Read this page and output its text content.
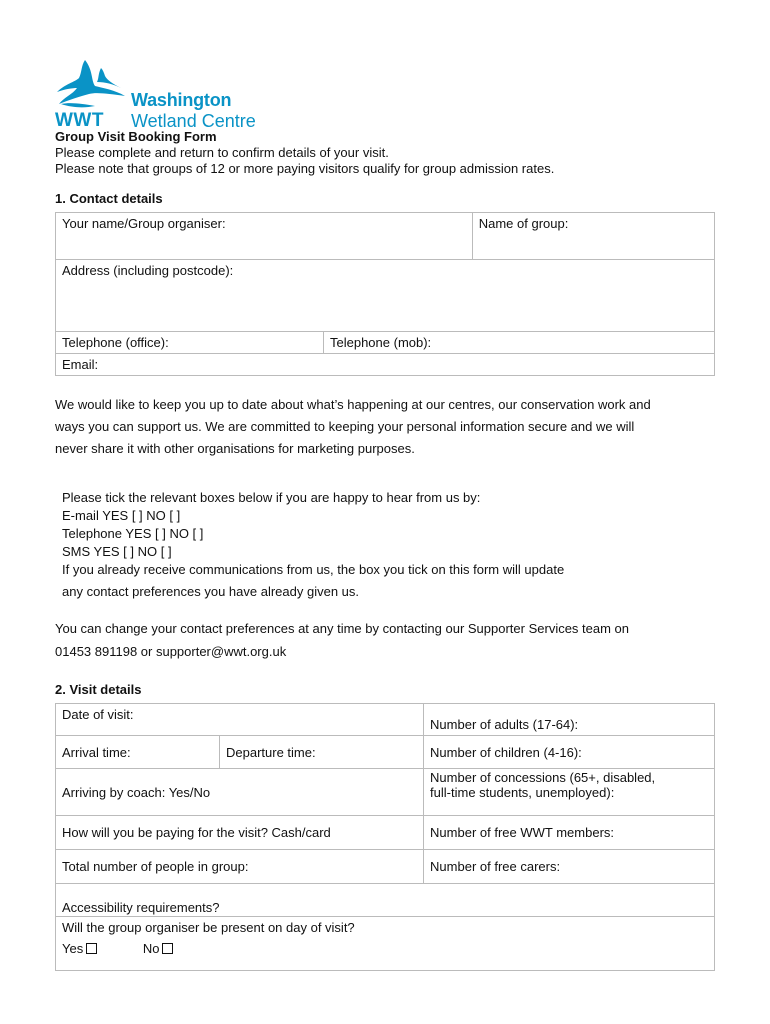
Washington
WWT Wetland Centre
Group Visit Booking Form
Please complete and return to confirm details of your visit.
Please note that groups of 12 or more paying visitors qualify for group admission rates.
1. Contact details
Your name/Group organiser:		Name of group:
Address (including postcode):		
Telephone (office):	Telephone (mob):	
Email:		
We would like to keep you up to date about what’s happening at our centres, our conservation work and
ways you can support us. We are committed to keeping your personal information secure and we will
never share it with other organisations for marketing purposes.
Please tick the relevant boxes below if you are happy to hear from us by:
E-mail YES [ ] NO [ ]
Telephone YES [ ] NO [ ]
SMS YES [ ] NO [ ]
If you already receive communications from us, the box you tick on this form will update
any contact preferences you have already given us.
You can change your contact preferences at any time by contacting our Supporter Services team on
01453 891198 or supporter@wwt.org.uk
2. Visit details
Date of visit:		Number of adults (17-64):
Arrival time:	Departure time:	Number of children (4-16):
Arriving by coach: Yes/No		Number of concessions (65+, disabled,
full-time students, unemployed):

How will you be paying for the visit? Cash/card		Number of free WWT members:
Total number of people in group:		Number of free carers:
Accessibility requirements?		

Will the group organiser be present on day of visit?
Yes No		
